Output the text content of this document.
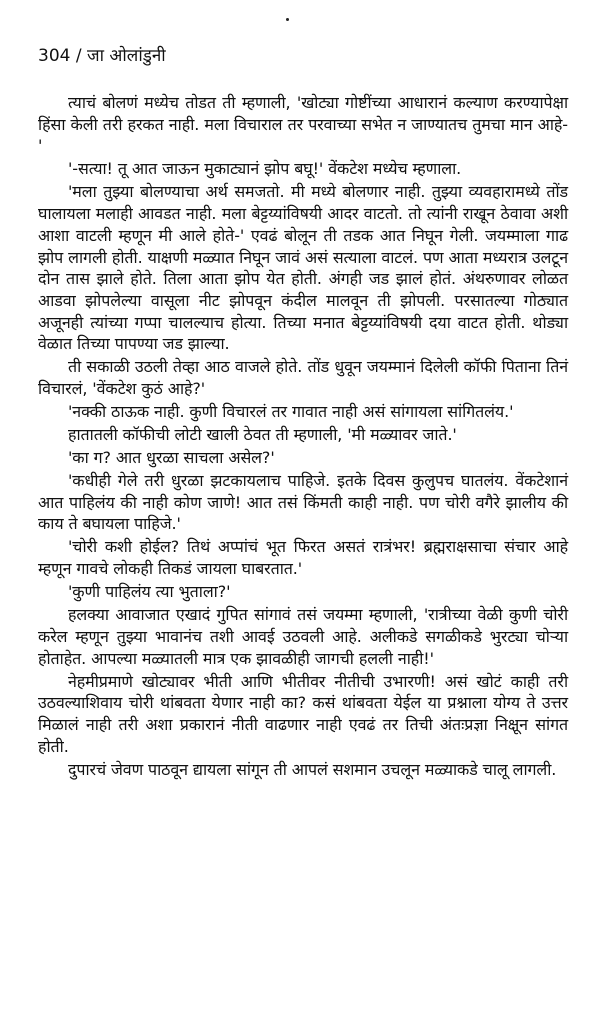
304 / जा ओलांडुनी

त्याचं बोलणं मध्येच तोडत ती म्हणाली, 'खोट्या गोष्टींच्या आधारानं कल्याण करण्यापेक्षा हिंसा केली तरी हरकत नाही. मला विचाराल तर परवाच्या सभेत न जाण्यातच तुमचा मान आहे-'

'-सत्या! तू आत जाऊन मुकाट्यानं झोप बघू!' वेंकटेश मध्येच म्हणाला.

'मला तुझ्या बोलण्याचा अर्थ समजतो. मी मध्ये बोलणार नाही. तुझ्या व्यवहारामध्ये तोंड घालायला मलाही आवडत नाही. मला बेट्टय्यांविषयी आदर वाटतो. तो त्यांनी राखून ठेवावा अशी आशा वाटली म्हणून मी आले होते-' एवढं बोलून ती तडक आत निघून गेली. जयम्माला गाढ झोप लागली होती. याक्षणी मळ्यात निघून जावं असं सत्याला वाटलं. पण आता मध्यरात्र उलटून दोन तास झाले होते. तिला आता झोप येत होती. अंगही जड झालं होतं. अंथरुणावर लोळत आडवा झोपलेल्या वासूला नीट झोपवून कंदील मालवून ती झोपली. परसातल्या गोठ्यात अजूनही त्यांच्या गप्पा चालल्याच होत्या. तिच्या मनात बेट्टय्यांविषयी दया वाटत होती. थोड्या वेळात तिच्या पापण्या जड झाल्या.

ती सकाळी उठली तेव्हा आठ वाजले होते. तोंड धुवून जयम्मानं दिलेली कॉफी पिताना तिनं विचारलं, 'वेंकटेश कुठं आहे?'

'नक्की ठाऊक नाही. कुणी विचारलं तर गावात नाही असं सांगायला सांगितलंय.'

हातातली कॉफीची लोटी खाली ठेवत ती म्हणाली, 'मी मळ्यावर जाते.'

'का ग? आत धुरळा साचला असेल?'

'कधीही गेले तरी धुरळा झटकायलाच पाहिजे. इतके दिवस कुलुपच घातलंय. वेंकटेशानं आत पाहिलंय की नाही कोण जाणे! आत तसं किंमती काही नाही. पण चोरी वगैरे झालीय की काय ते बघायला पाहिजे.'

'चोरी कशी होईल? तिथं अप्पांचं भूत फिरत असतं रात्रंभर! ब्रह्मराक्षसाचा संचार आहे म्हणून गावचे लोकही तिकडं जायला घाबरतात.'

'कुणी पाहिलंय त्या भुताला?'

हलक्या आवाजात एखादं गुपित सांगावं तसं जयम्मा म्हणाली, 'रात्रीच्या वेळी कुणी चोरी करेल म्हणून तुझ्या भावानंच तशी आवई उठवली आहे. अलीकडे सगळीकडे भुरट्या चोऱ्या होताहेत. आपल्या मळ्यातली मात्र एक झावळीही जागची हलली नाही!'

नेहमीप्रमाणे खोट्यावर भीती आणि भीतीवर नीतीची उभारणी! असं खोटं काही तरी उठवल्याशिवाय चोरी थांबवता येणार नाही का? कसं थांबवता येईल या प्रश्नाला योग्य ते उत्तर मिळालं नाही तरी अशा प्रकारानं नीती वाढणार नाही एवढं तर तिची अंतःप्रज्ञा निक्षून सांगत होती.

दुपारचं जेवण पाठवून द्यायला सांगून ती आपलं सशमान उचलून मळ्याकडे चालू लागली.
